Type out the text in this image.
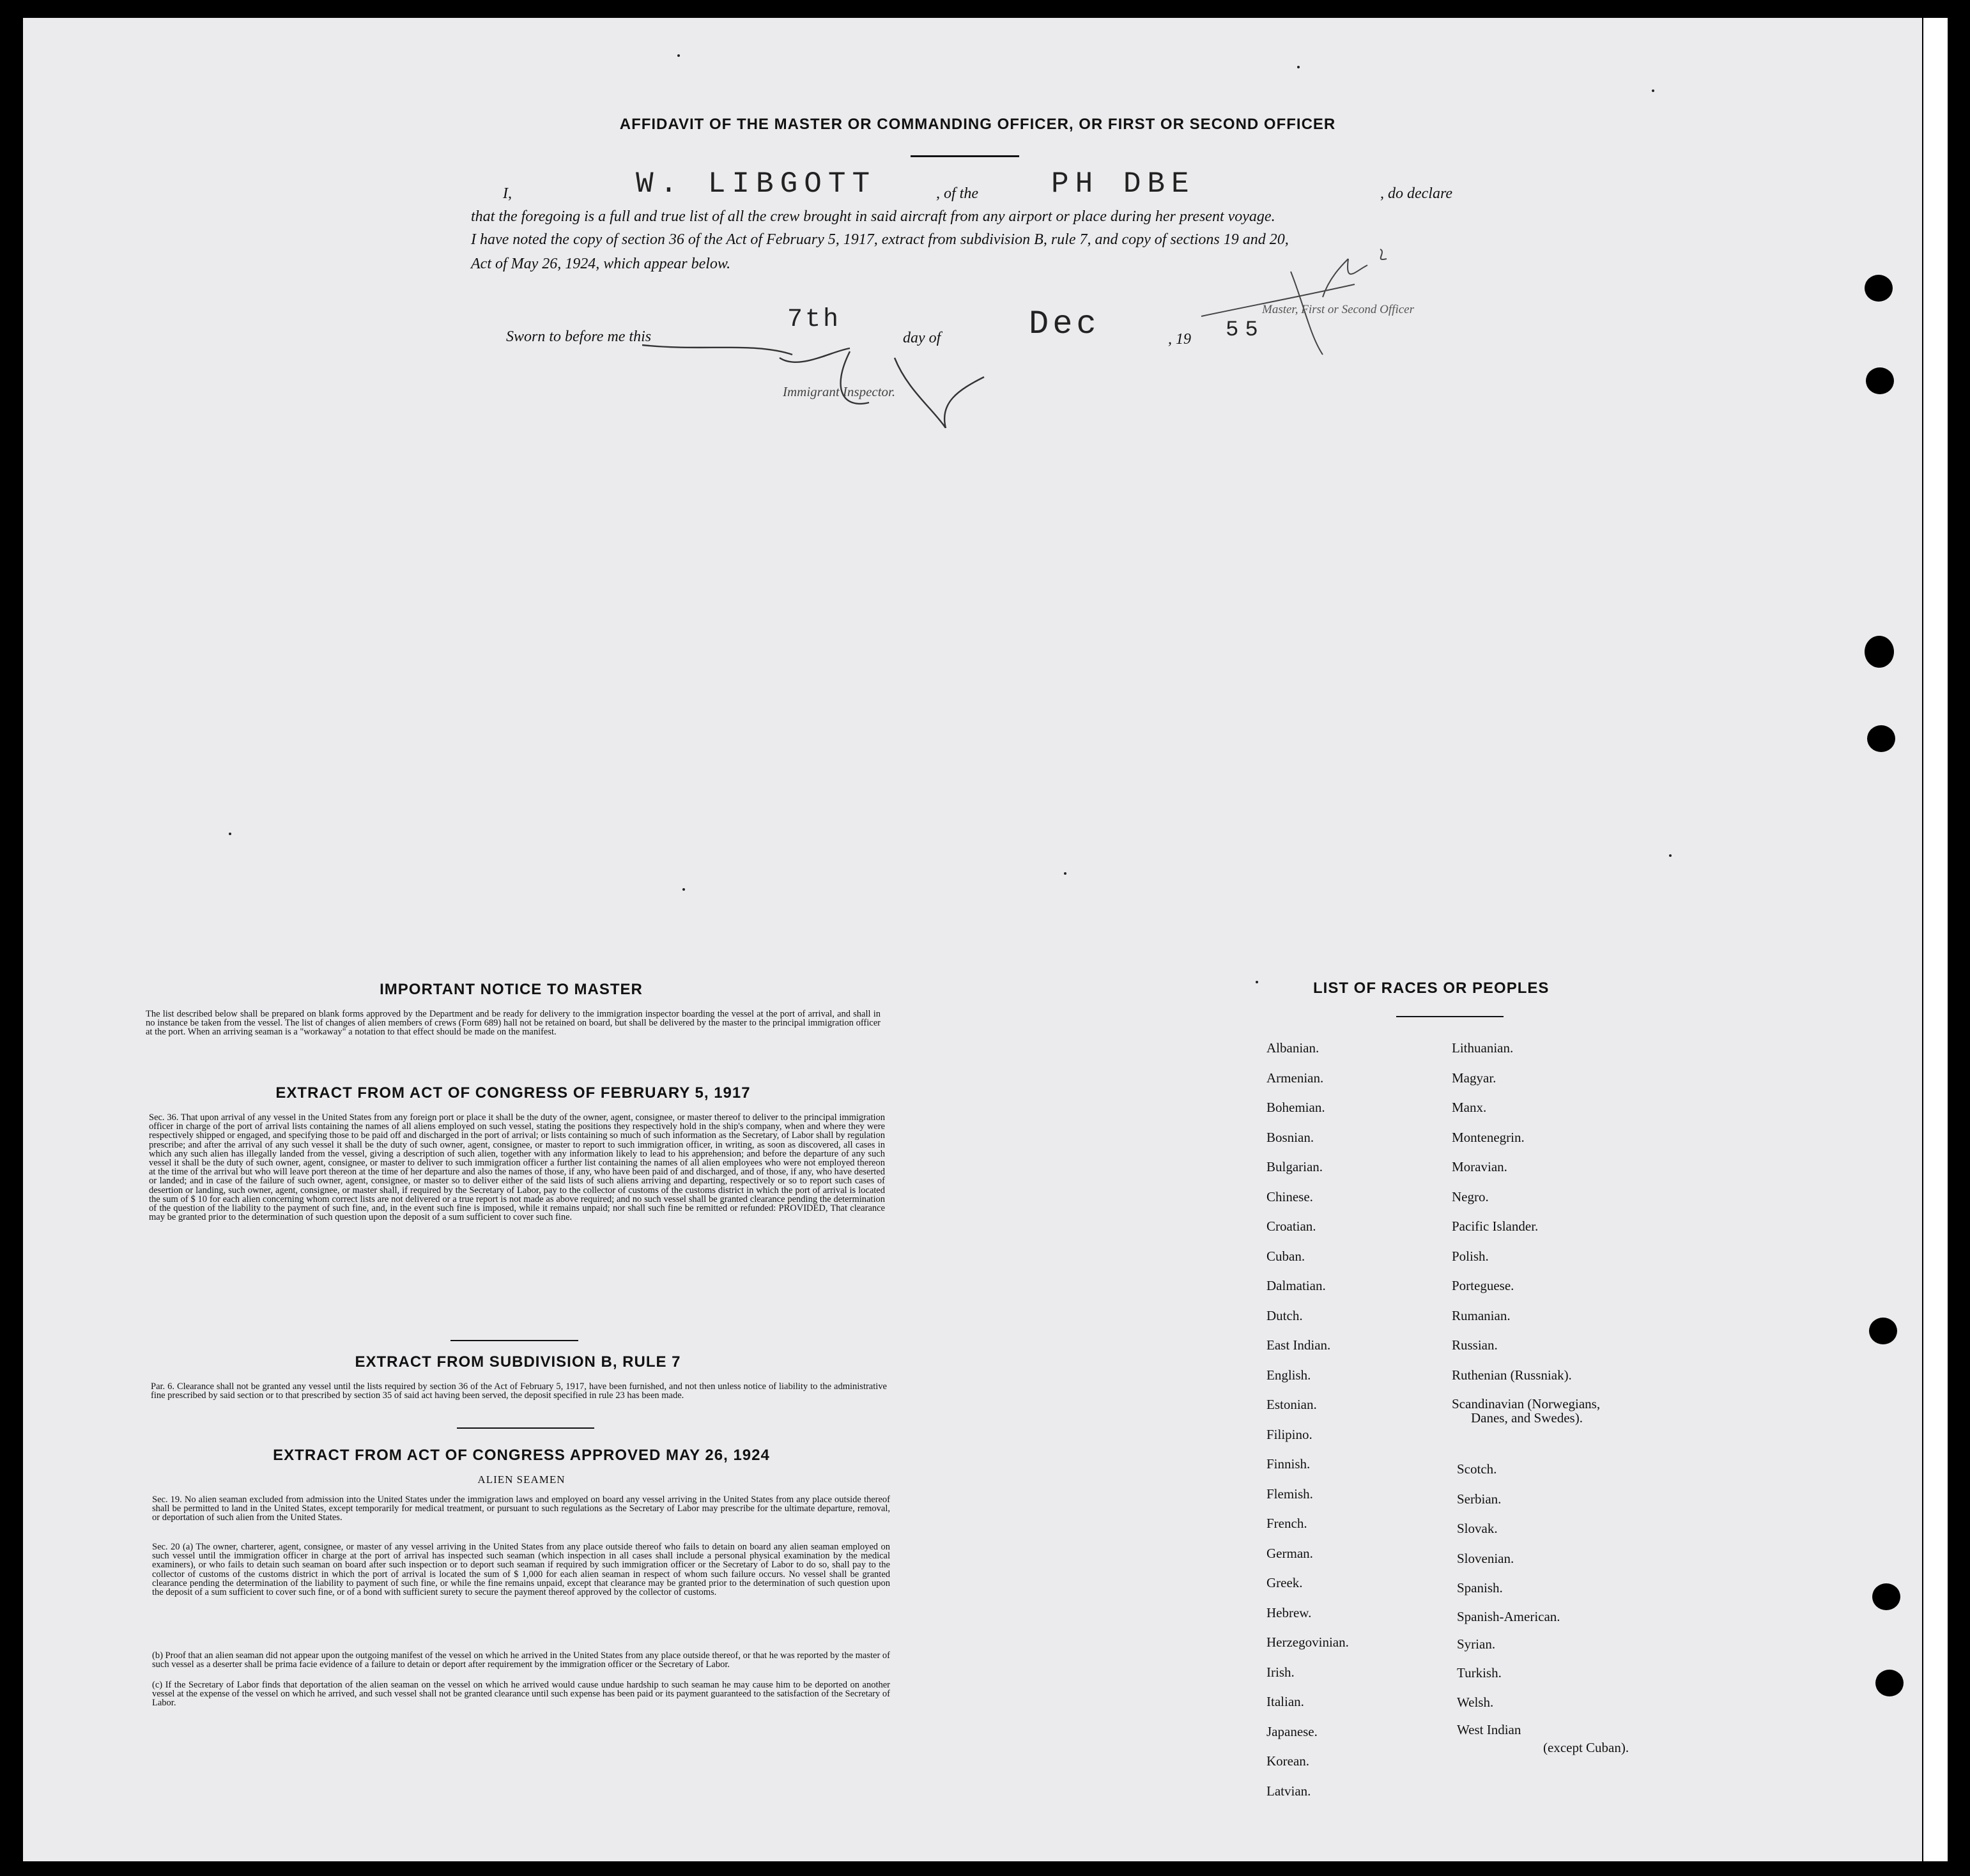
AFFIDAVIT OF THE MASTER OR COMMANDING OFFICER, OR FIRST OR SECOND OFFICER
I,	W. LIBGOTT	, of the PH DBE	, do declare
that the foregoing is a full and true list of all the crew brought in said aircraft from any airport or place during her present voyage.
I have noted the copy of section 36 of the Act of February 5, 1917, extract from subdivision B, rule 7, and copy of sections 19 and 20,
Act of May 26, 1924, which appear below.
Master, First or Second Officer
Sworn to before me this
7th
day of	Dec	, 19 55
Immigrant Inspector.
IMPORTANT NOTICE TO MASTER
The list described below shall be prepared on blank forms approved by the Department and be ready for delivery to the immigration inspector boarding the vessel at the port of arrival, and shall in no instance be taken from the vessel. The list of changes of alien members of crews (Form 689) hall not be retained on board, but shall be delivered by the master to the principal immigration officer at the port. When an arriving seaman is a "workaway" a notation to that effect should be made on the manifest.
EXTRACT FROM ACT OF CONGRESS OF FEBRUARY 5, 1917
Sec. 36. That upon arrival of any vessel in the United States from any foreign port or place it shall be the duty of the owner, agent, consignee, or master thereof to deliver to the principal immigration officer in charge of the port of arrival lists containing the names of all aliens employed on such vessel, stating the positions they respectively hold in the ship's company, when and where they were respectively shipped or engaged, and specifying those to be paid off and discharged in the port of arrival; or lists containing so much of such information as the Secretary, of Labor shall by regulation prescribe; and after the arrival of any such vessel it shall be the duty of such owner, agent, consignee, or master to report to such immigration officer, in writing, as soon as discovered, all cases in which any such alien has illegally landed from the vessel, giving a description of such alien, together with any information likely to lead to his apprehension; and before the departure of any such vessel it shall be the duty of such owner, agent, consignee, or master to deliver to such immigration officer a further list containing the names of all alien employees who were not employed thereon at the time of the arrival but who will leave port thereon at the time of her departure and also the names of those, if any, who have been paid of and discharged, and of those, if any, who have deserted or landed; and in case of the failure of such owner, agent, consignee, or master so to deliver either of the said lists of such aliens arriving and departing, respectively or so to report such cases of desertion or landing, such owner, agent, consignee, or master shall, if required by the Secretary of Labor, pay to the collector of customs of the customs district in which the port of arrival is located the sum of $ 10 for each alien concerning whom correct lists are not delivered or a true report is not made as above required; and no such vessel shall be granted clearance pending the determination of the question of the liability to the payment of such fine, and, in the event such fine is imposed, while it remains unpaid; nor shall such fine be remitted or refunded: PROVIDED, That clearance may be granted prior to the determination of such question upon the deposit of a sum sufficient to cover such fine.
EXTRACT FROM SUBDIVISION B, RULE 7
Par. 6. Clearance shall not be granted any vessel until the lists required by section 36 of the Act of February 5, 1917, have been furnished, and not then unless notice of liability to the administrative fine prescribed by said section or to that prescribed by section 35 of said act having been served, the deposit specified in rule 23 has been made.
EXTRACT FROM ACT OF CONGRESS APPROVED MAY 26, 1924
ALIEN SEAMEN
Sec. 19. No alien seaman excluded from admission into the United States under the immigration laws and employed on board any vessel arriving in the United States from any place outside thereof shall be permitted to land in the United States, except temporarily for medical treatment, or pursuant to such regulations as the Secretary of Labor may prescribe for the ultimate departure, removal, or deportation of such alien from the United States.
Sec. 20 (a) The owner, charterer, agent, consignee, or master of any vessel arriving in the United States from any place outside thereof who fails to detain on board any alien seaman employed on such vessel until the immigration officer in charge at the port of arrival has inspected such seaman (which inspection in all cases shall include a personal physical examination by the medical examiners), or who fails to detain such seaman on board after such inspection or to deport such seaman if required by such immigration officer or the Secretary of Labor to do so, shall pay to the collector of customs of the customs district in which the port of arrival is located the sum of $ 1,000 for each alien seaman in respect of whom such failure occurs. No vessel shall be granted clearance pending the determination of the liability to payment of such fine, or while the fine remains unpaid, except that clearance may be granted prior to the determination of such question upon the deposit of a sum sufficient to cover such fine, or of a bond with sufficient surety to secure the payment thereof approved by the collector of customs.
(b) Proof that an alien seaman did not appear upon the outgoing manifest of the vessel on which he arrived in the United States from any place outside thereof, or that he was reported by the master of such vessel as a deserter shall be prima facie evidence of a failure to detain or deport after requirement by the immigration officer or the Secretary of Labor.
(c) If the Secretary of Labor finds that deportation of the alien seaman on the vessel on which he arrived would cause undue hardship to such seaman he may cause him to be deported on another vessel at the expense of the vessel on which he arrived, and such vessel shall not be granted clearance until such expense has been paid or its payment guaranteed to the satisfaction of the Secretary of Labor.
LIST OF RACES OR PEOPLES
Albanian.
Armenian.
Bohemian.
Bosnian.
Bulgarian.
Chinese.
Croatian.
Cuban.
Dalmatian.
Dutch.
East Indian.
English.
Estonian.
Filipino.
Finnish.
Flemish.
French.
German.
Greek.
Hebrew.
Herzegovinian.
Irish.
Italian.
Japanese.
Korean.
Latvian.
Lithuanian.
Magyar.
Manx.
Montenegrin.
Moravian.
Negro.
Pacific Islander.
Polish.
Porteguese.
Rumanian.
Russian.
Ruthenian (Russniak).
Scandinavian (Norwegians,
Danes, and Swedes).
Scotch.
Serbian.
Slovak.
Slovenian.
Spanish.
Spanish-American.
Syrian.
Turkish.
Welsh.
West Indian
(except Cuban).
